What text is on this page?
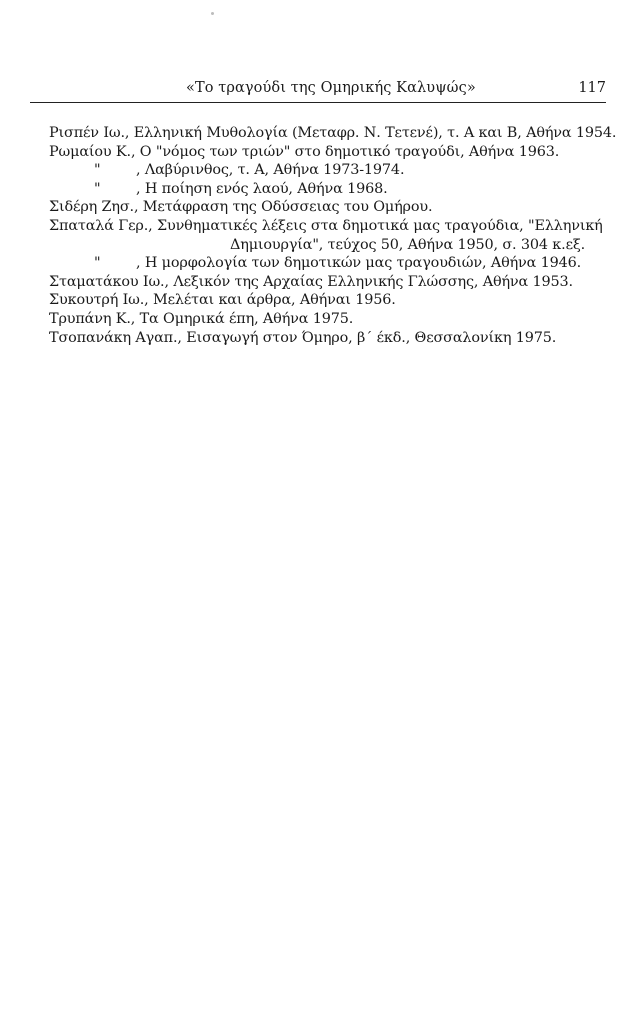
«Το τραγούδι της Ομηρικής Καλυψώς»	117
Ρισπέν Ιω., Ελληνική Μυθολογία (Μεταφρ. Ν. Τετενέ), τ. Α και Β, Αθήνα 1954.
Ρωμαίου Κ., Ο "νόμος των τριών" στο δημοτικό τραγούδι, Αθήνα 1963.
" , Λαβύρινθος, τ. Α, Αθήνα 1973-1974.
" , Η ποίηση ενός λαού, Αθήνα 1968.
Σιδέρη Ζησ., Μετάφραση της Οδύσσειας του Ομήρου.
Σπαταλά Γερ., Συνθηματικές λέξεις στα δημοτικά μας τραγούδια, "Ελληνική
Δημιουργία", τεύχος 50, Αθήνα 1950, σ. 304 κ.εξ.
" , Η μορφολογία των δημοτικών μας τραγουδιών, Αθήνα 1946.
Σταματάκου Ιω., Λεξικόν της Αρχαίας Ελληνικής Γλώσσης, Αθήνα 1953.
Συκουτρή Ιω., Μελέται και άρθρα, Αθήναι 1956.
Τρυπάνη Κ., Τα Ομηρικά έπη, Αθήνα 1975.
Τσοπανάκη Αγαπ., Εισαγωγή στον Όμηρο, β΄ έκδ., Θεσσαλονίκη 1975.
